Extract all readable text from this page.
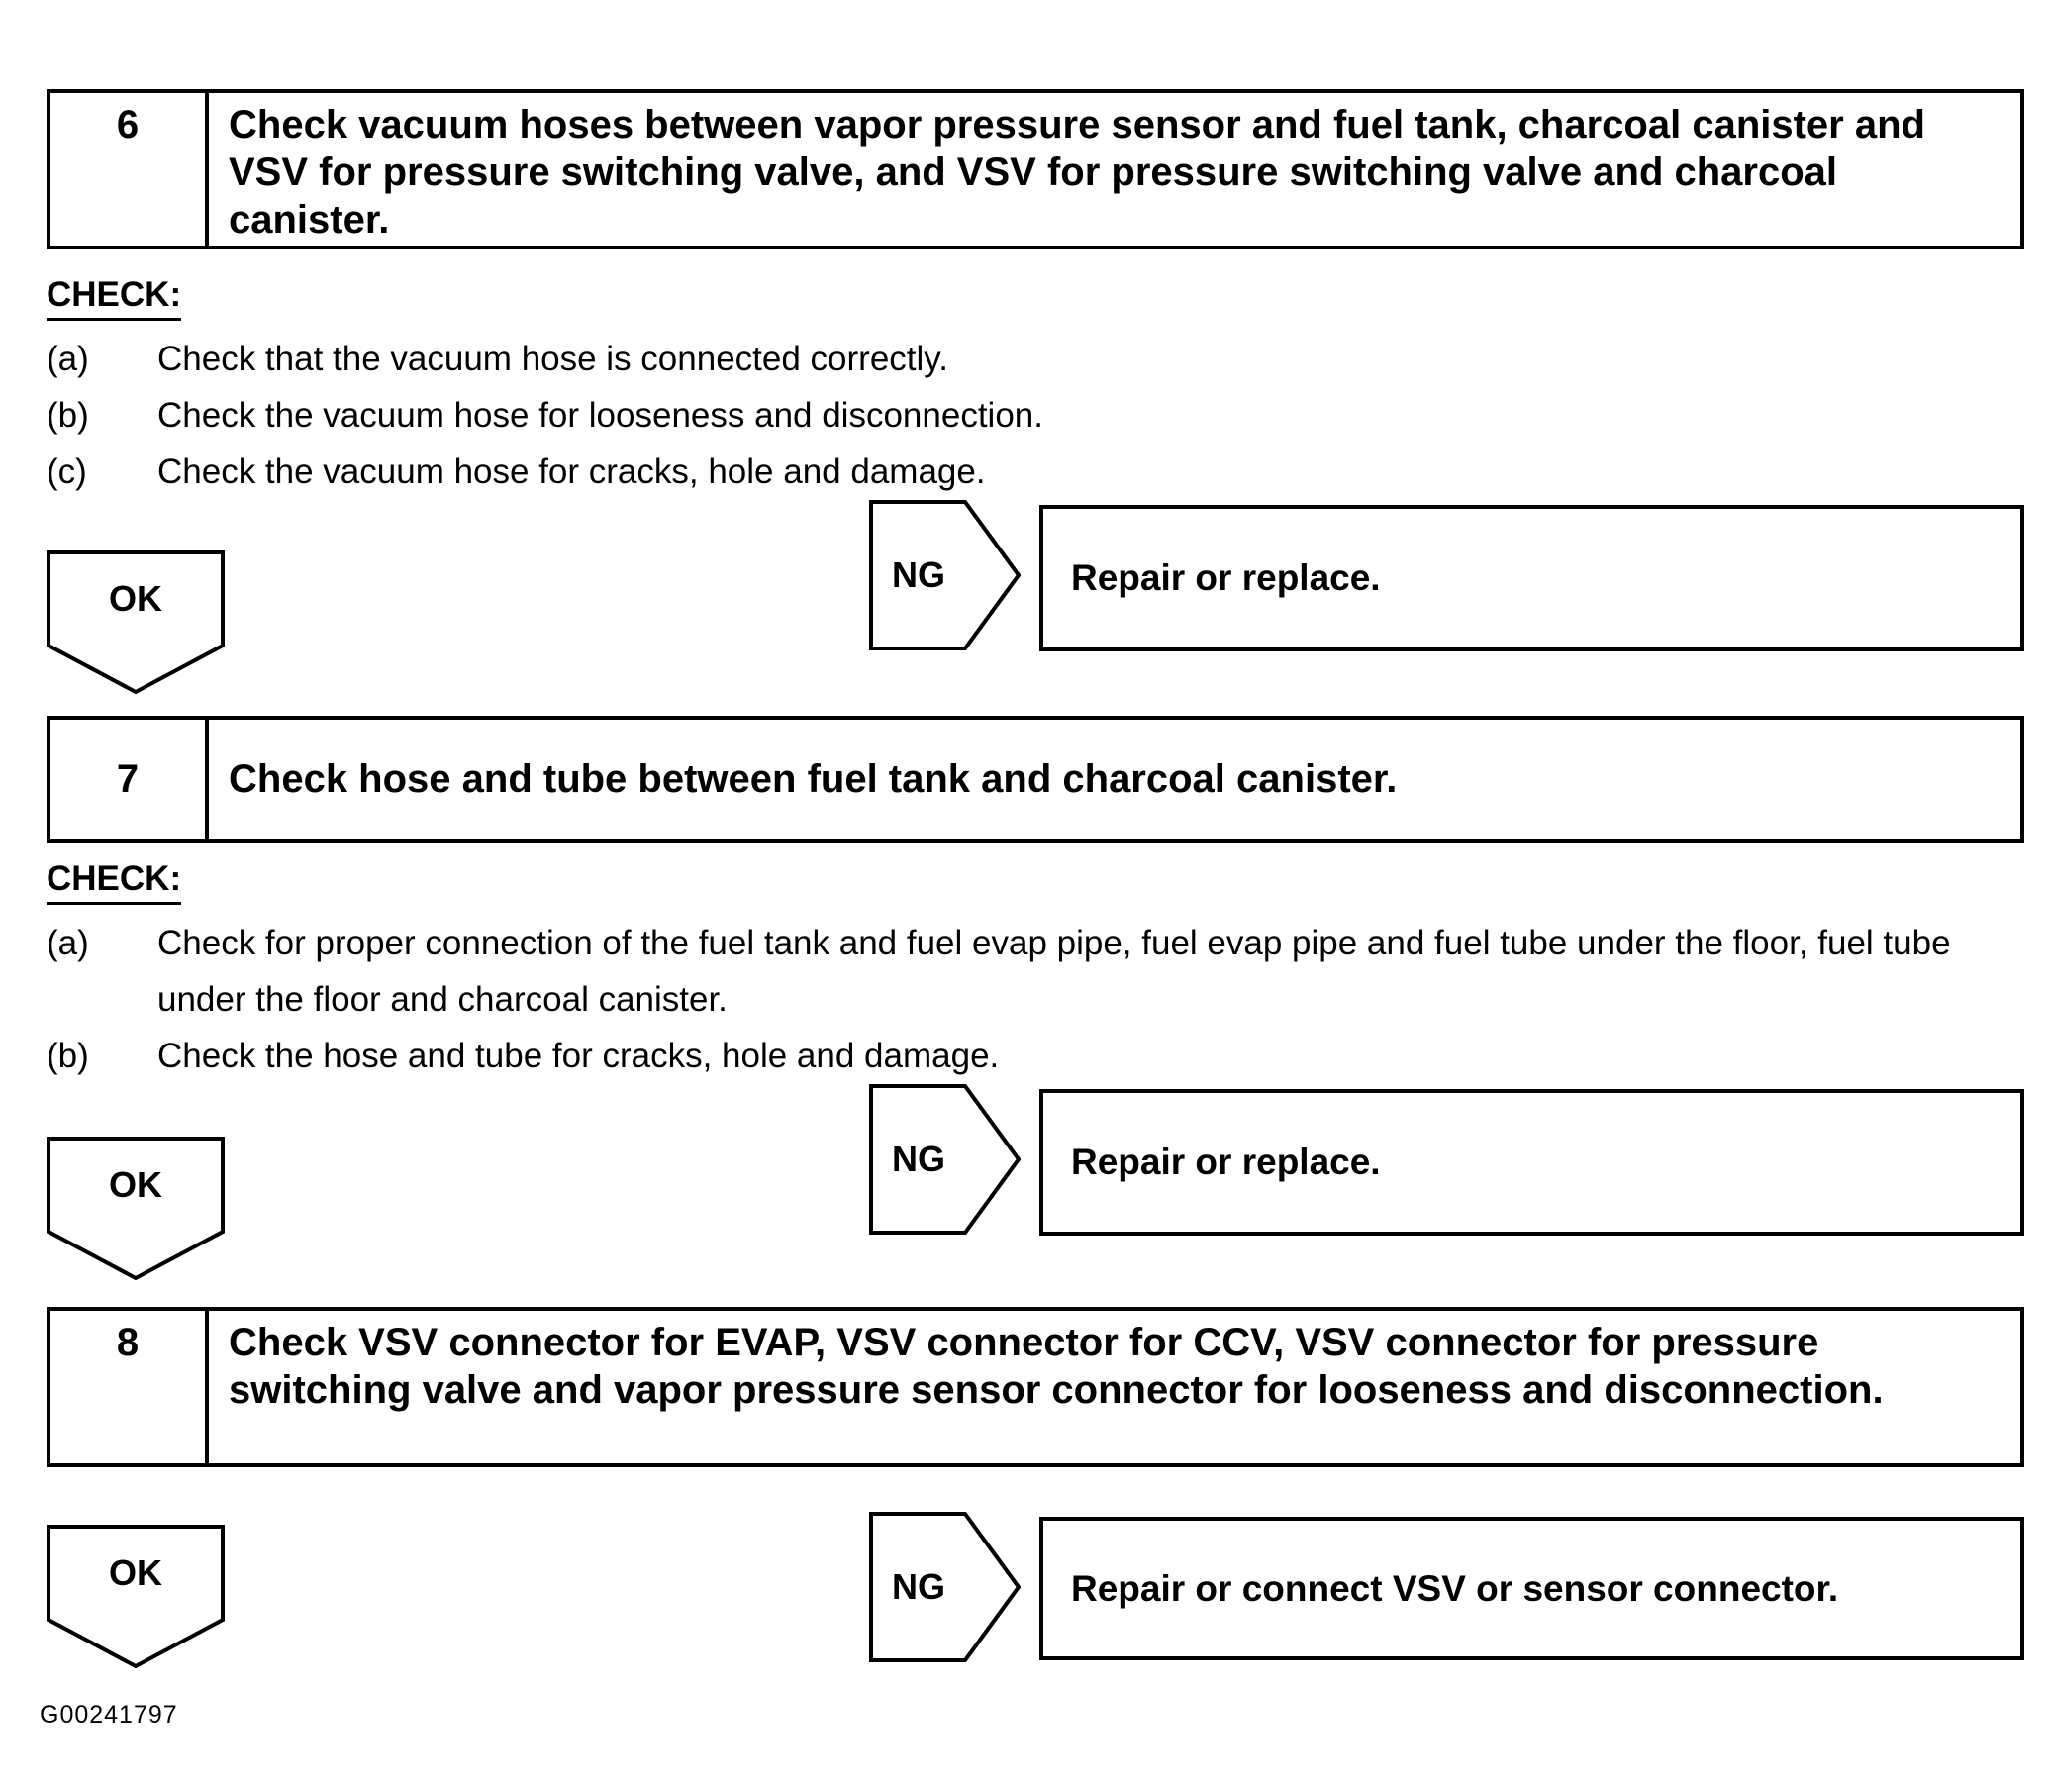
6	Check vacuum hoses between vapor pressure sensor and fuel tank, charcoal canister and VSV for pressure switching valve, and VSV for pressure switching valve and charcoal canister.
CHECK:
(a)	Check that the vacuum hose is connected correctly.
(b)	Check the vacuum hose for looseness and disconnection.
(c)	Check the vacuum hose for cracks, hole and damage.
NG	Repair or replace.
OK
7	Check hose and tube between fuel tank and charcoal canister.
CHECK:
(a)	Check for proper connection of the fuel tank and fuel evap pipe, fuel evap pipe and fuel tube under the floor, fuel tube under the floor and charcoal canister.
(b)	Check the hose and tube for cracks, hole and damage.
NG	Repair or replace.
OK
8	Check VSV connector for EVAP, VSV connector for CCV, VSV connector for pressure switching valve and vapor pressure sensor connector for looseness and disconnection.
OK	NG	Repair or connect VSV or sensor connector.
G00241797
